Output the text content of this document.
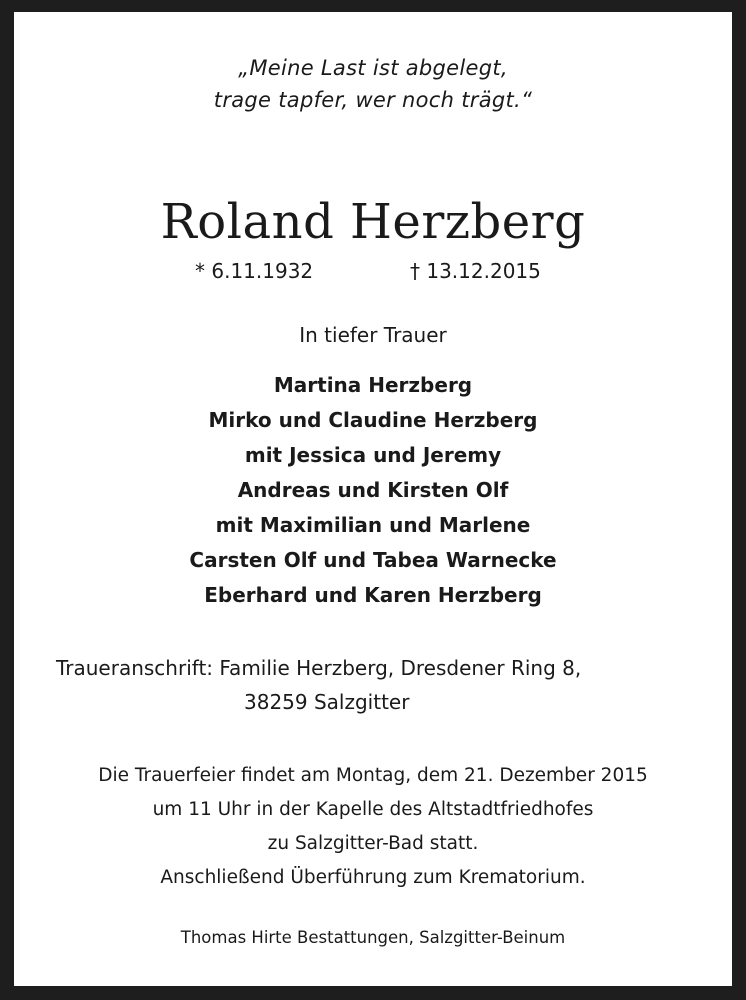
„Meine Last ist abgelegt,
trage tapfer, wer noch trägt.“
Roland Herzberg
* 6.11.1932	† 13.12.2015
In tiefer Trauer
Martina Herzberg
Mirko und Claudine Herzberg
mit Jessica und Jeremy
Andreas und Kirsten Olf
mit Maximilian und Marlene
Carsten Olf und Tabea Warnecke
Eberhard und Karen Herzberg
Traueranschrift: Familie Herzberg, Dresdener Ring 8,
38259 Salzgitter
Die Trauerfeier findet am Montag, dem 21. Dezember 2015
um 11 Uhr in der Kapelle des Altstadtfriedhofes
zu Salzgitter-Bad statt.
Anschließend Überführung zum Krematorium.
Thomas Hirte Bestattungen, Salzgitter-Beinum
